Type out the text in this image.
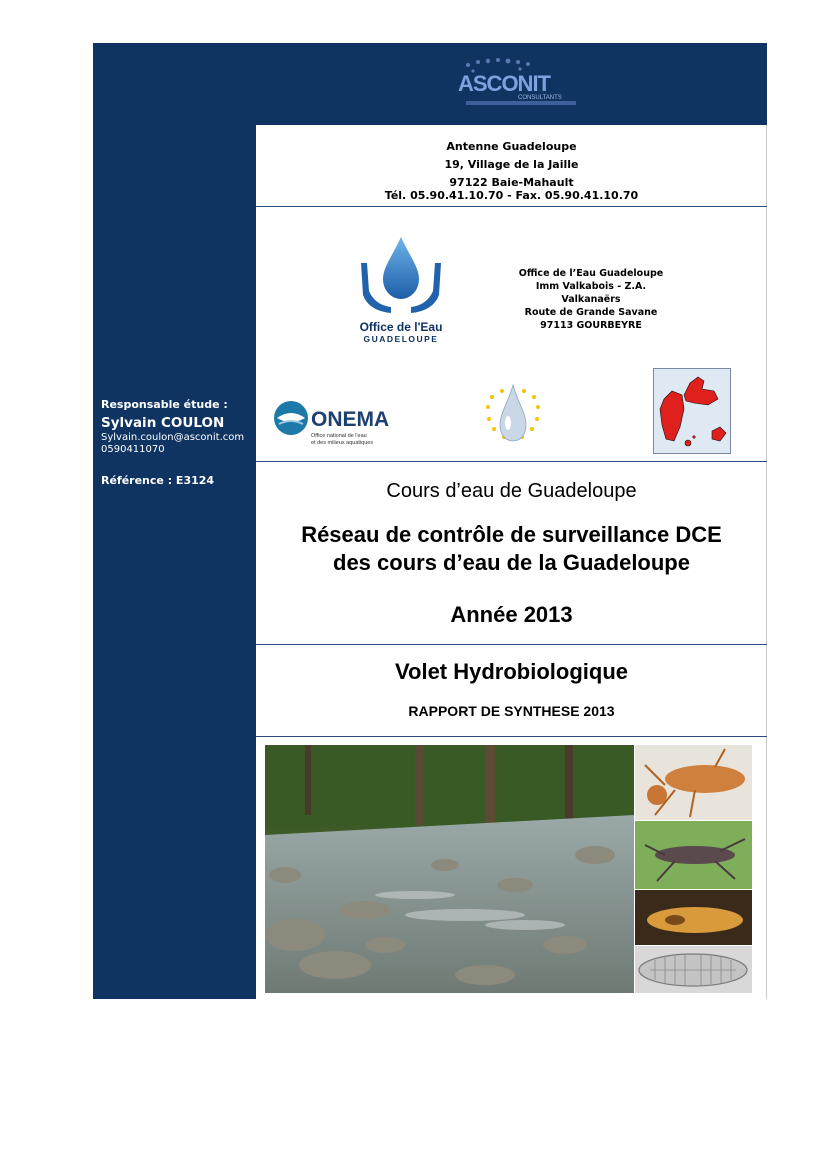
Responsable étude :
Sylvain COULON
Sylvain.coulon@asconit.com
0590411070
Référence : E3124
ASCONIT
CONSULTANTS
Antenne Guadeloupe
19, Village de la Jaille
97122 Baie-Mahault
Tél. 05.90.41.10.70 - Fax. 05.90.41.10.70
Office de l'Eau
GUADELOUPE
Office de l’Eau Guadeloupe
Imm Valkabois - Z.A.
Valkanaërs
Route de Grande Savane
97113 GOURBEYRE
ONEMA
Office national de l'eau
et des milieux aquatiques
Cours d’eau de Guadeloupe
Réseau de contrôle de surveillance DCE
des cours d’eau de la Guadeloupe
Année 2013
Volet Hydrobiologique
RAPPORT DE SYNTHESE 2013
